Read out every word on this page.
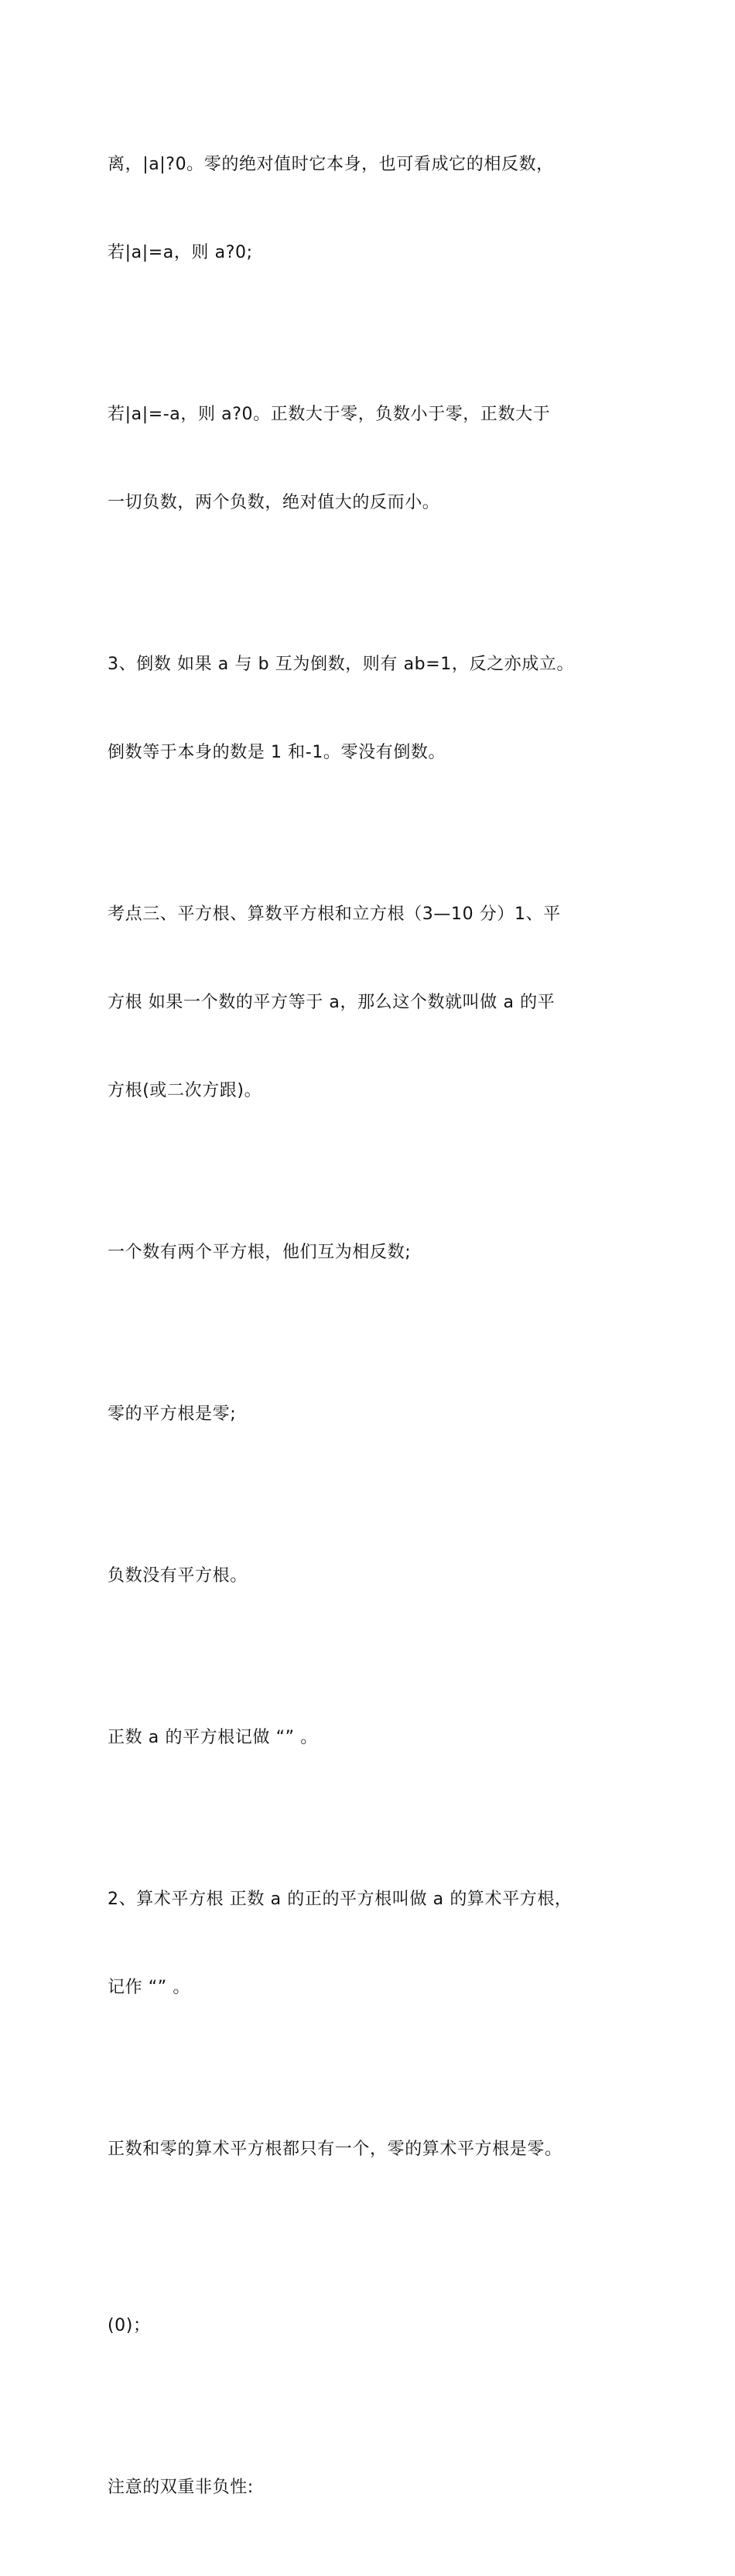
离，|a|?0。零的绝对值时它本身，也可看成它的相反数，

若|a|=a，则 a?0;

若|a|=-a，则 a?0。正数大于零，负数小于零，正数大于

一切负数，两个负数，绝对值大的反而小。

3、倒数 如果 a 与 b 互为倒数，则有 ab=1，反之亦成立。

倒数等于本身的数是 1 和-1。零没有倒数。

考点三、平方根、算数平方根和立方根（3—10 分）1、平

方根 如果一个数的平方等于 a，那么这个数就叫做 a 的平

方根(或二次方跟)。

一个数有两个平方根，他们互为相反数;

零的平方根是零;

负数没有平方根。

正数 a 的平方根记做 “” 。

2、算术平方根 正数 a 的正的平方根叫做 a 的算术平方根，

记作 “” 。

正数和零的算术平方根都只有一个，零的算术平方根是零。

(0)；

注意的双重非负性:
